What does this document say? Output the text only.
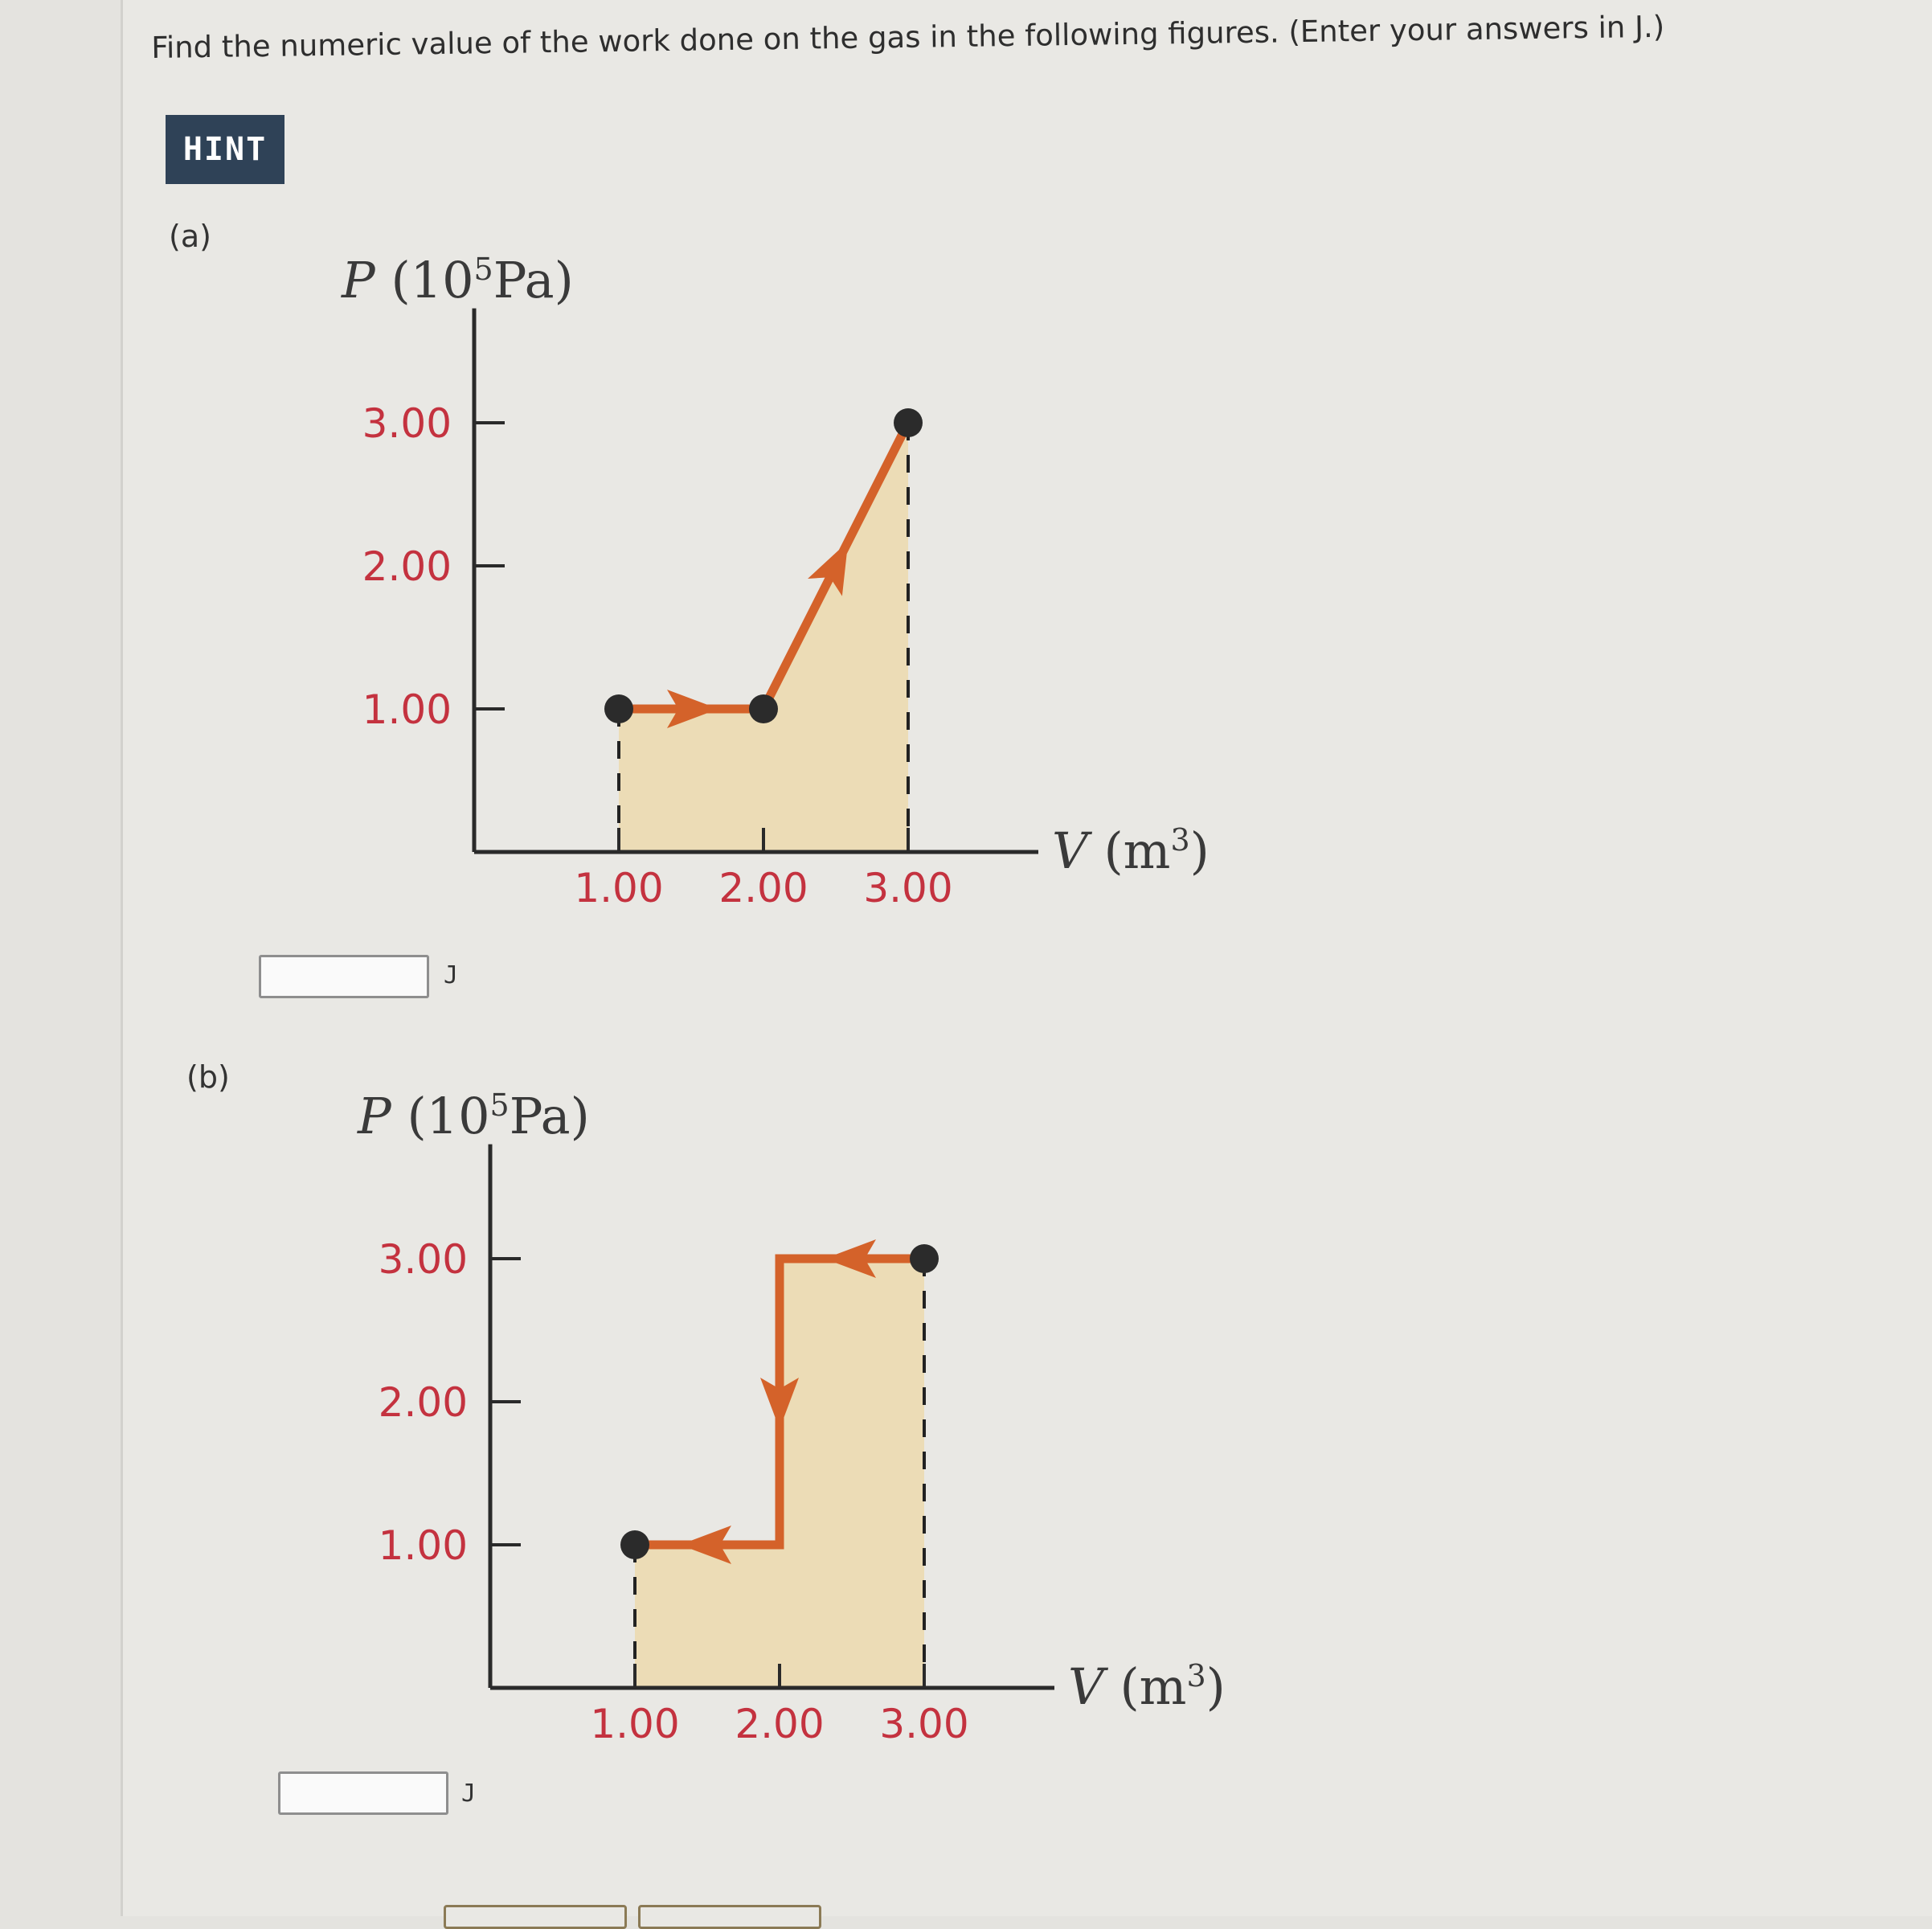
Find the numeric value of the work done on the gas in the following figures. (Enter your answers in J.)
HINT
(a)
3.00
2.00
1.00
1.00 2.00 3.00
P $(10^5Pa)$
V $(m^3)$
J
(b)
3.00
2.00
1.00
1.00 2.00 3.00
P $(10^5Pa)$
V $(m^3)$
J
